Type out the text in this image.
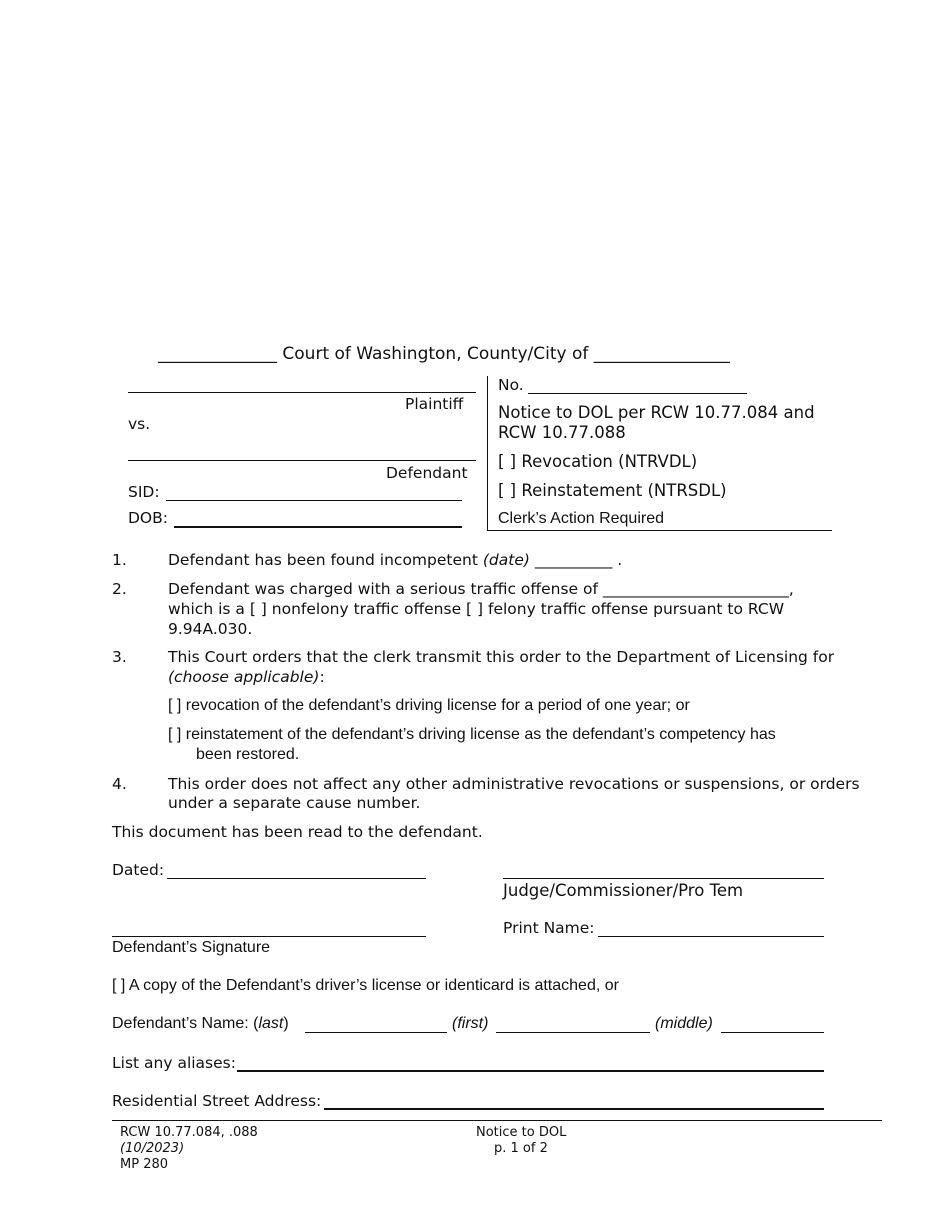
______________ Court of Washington, County/City of ________________
Plaintiff
vs.
Defendant
SID:
DOB:
No.
Notice to DOL per RCW 10.77.084 and
RCW 10.77.088
[ ] Revocation (NTRVDL)
[ ] Reinstatement (NTRSDL)
Clerk’s Action Required
1.	Defendant has been found incompetent (date) __________ .
2.	Defendant was charged with a serious traffic offense of ________________________,
which is a [ ] nonfelony traffic offense [ ] felony traffic offense pursuant to RCW
9.94A.030.
3.	This Court orders that the clerk transmit this order to the Department of Licensing for
(choose applicable):
[ ] revocation of the defendant’s driving license for a period of one year; or
[ ] reinstatement of the defendant’s driving license as the defendant’s competency has
been restored.
4.	This order does not affect any other administrative revocations or suspensions, or orders
under a separate cause number.
This document has been read to the defendant.
Dated:
Judge/Commissioner/Pro Tem
Print Name:
Defendant’s Signature
[ ] A copy of the Defendant’s driver’s license or identicard is attached, or
Defendant’s Name: (last)	(first)	(middle)
List any aliases:
Residential Street Address:
RCW 10.77.084, .088
(10/2023)
MP 280
Notice to DOL
p. 1 of 2
